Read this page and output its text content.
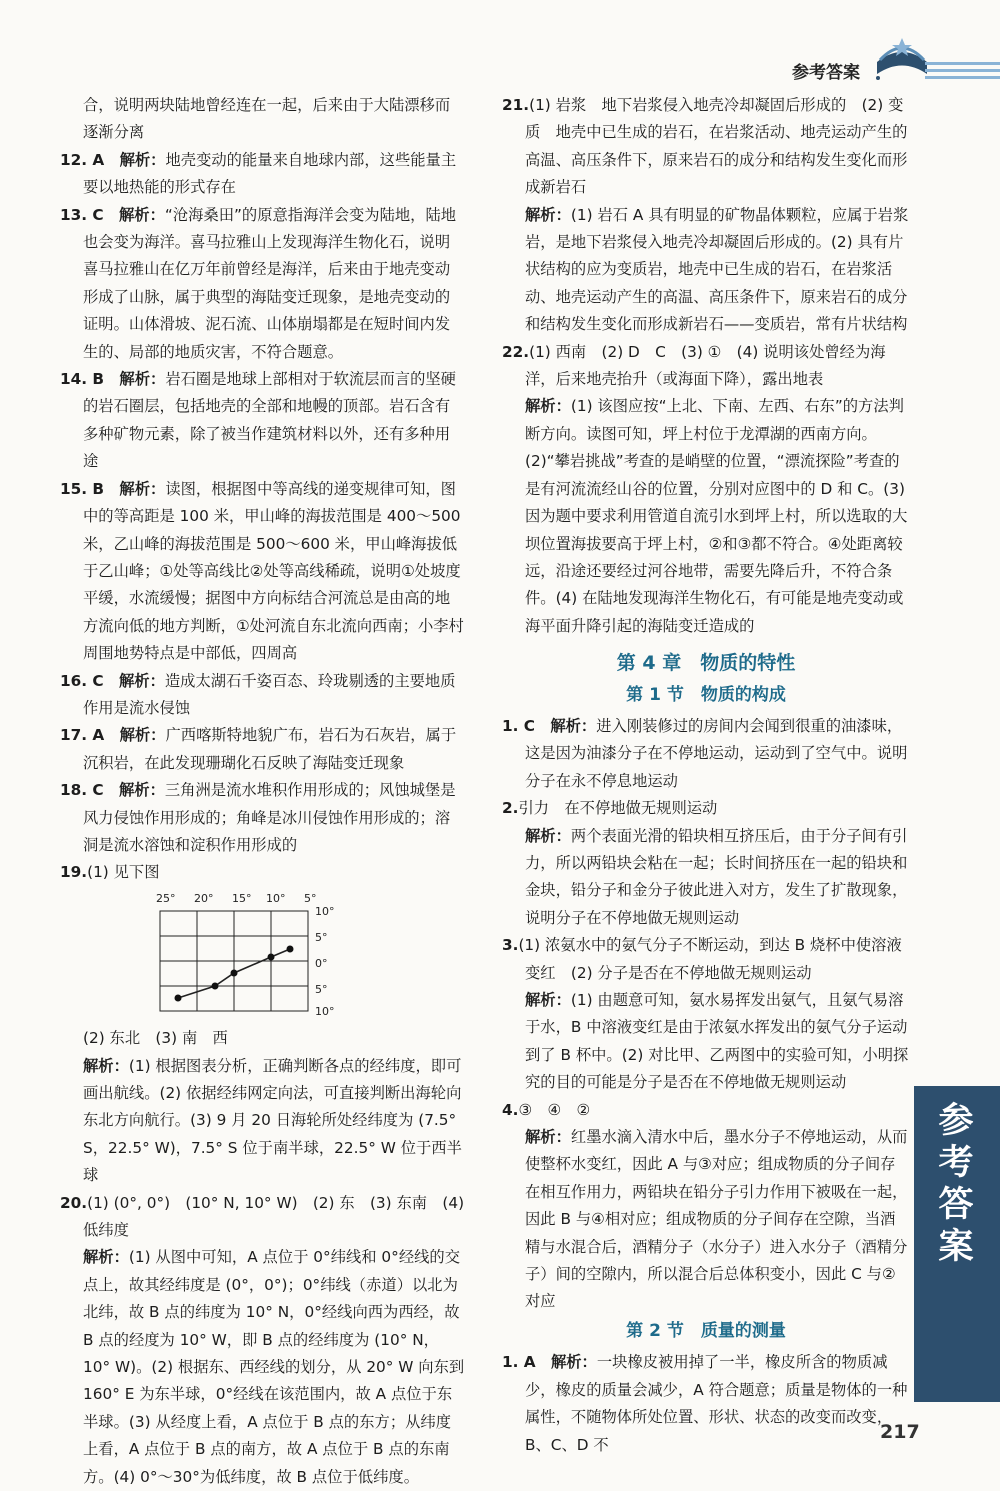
参考答案
合，说明两块陆地曾经连在一起，后来由于大陆漂移而逐渐分离
12. A　 解析：地壳变动的能量来自地球内部，这些能量主要以地热能的形式存在
13. C　 解析：“沧海桑田”的原意指海洋会变为陆地，陆地也会变为海洋。喜马拉雅山上发现海洋生物化石，说明喜马拉雅山在亿万年前曾经是海洋，后来由于地壳变动形成了山脉，属于典型的海陆变迁现象，是地壳变动的证明。山体滑坡、泥石流、山体崩塌都是在短时间内发生的、局部的地质灾害，不符合题意。
14. B　 解析：岩石圈是地球上部相对于软流层而言的坚硬的岩石圈层，包括地壳的全部和地幔的顶部。岩石含有多种矿物元素，除了被当作建筑材料以外，还有多种用途
15. B　 解析：读图，根据图中等高线的递变规律可知，图中的等高距是 100 米，甲山峰的海拔范围是 400～500 米，乙山峰的海拔范围是 500～600 米，甲山峰海拔低于乙山峰；①处等高线比②处等高线稀疏，说明①处坡度平缓，水流缓慢；据图中方向标结合河流总是由高的地方流向低的地方判断，①处河流自东北流向西南；小李村周围地势特点是中部低，四周高
16. C　 解析：造成太湖石千姿百态、玲珑剔透的主要地质作用是流水侵蚀
17. A　 解析：广西喀斯特地貌广布，岩石为石灰岩，属于沉积岩，在此发现珊瑚化石反映了海陆变迁现象
18. C　 解析：三角洲是流水堆积作用形成的；风蚀城堡是风力侵蚀作用形成的；角峰是冰川侵蚀作用形成的；溶洞是流水溶蚀和淀积作用形成的
19.(1) 见下图
25° 20° 15° 10° 5°
10°
5°
0°
5°
10°
(2) 东北　(3) 南　西
解析：(1) 根据图表分析，正确判断各点的经纬度，即可画出航线。(2) 依据经纬网定向法，可直接判断出海轮向东北方向航行。(3) 9 月 20 日海轮所处经纬度为 (7.5° S，22.5° W)，7.5° S 位于南半球，22.5° W 位于西半球
20.(1) (0°, 0°)　(10° N, 10° W)　(2) 东　(3) 东南　(4) 低纬度
解析：(1) 从图中可知，A 点位于 0°纬线和 0°经线的交点上，故其经纬度是 (0°，0°)；0°纬线（赤道）以北为北纬，故 B 点的纬度为 10° N，0°经线向西为西经，故 B 点的经度为 10° W，即 B 点的经纬度为 (10° N，10° W)。(2) 根据东、西经线的划分，从 20° W 向东到 160° E 为东半球，0°经线在该范围内，故 A 点位于东半球。(3) 从经度上看，A 点位于 B 点的东方；从纬度上看，A 点位于 B 点的南方，故 A 点位于 B 点的东南方。(4) 0°～30°为低纬度，故 B 点位于低纬度。
21.(1) 岩浆　地下岩浆侵入地壳冷却凝固后形成的　(2) 变质　地壳中已生成的岩石，在岩浆活动、地壳运动产生的高温、高压条件下，原来岩石的成分和结构发生变化而形成新岩石
解析：(1) 岩石 A 具有明显的矿物晶体颗粒，应属于岩浆岩，是地下岩浆侵入地壳冷却凝固后形成的。(2) 具有片状结构的应为变质岩，地壳中已生成的岩石，在岩浆活动、地壳运动产生的高温、高压条件下，原来岩石的成分和结构发生变化而形成新岩石——变质岩，常有片状结构
22.(1) 西南　(2) D　C　(3) ①　(4) 说明该处曾经为海洋，后来地壳抬升（或海面下降），露出地表
解析：(1) 该图应按“上北、下南、左西、右东”的方法判断方向。读图可知，坪上村位于龙潭湖的西南方向。(2)“攀岩挑战”考查的是峭壁的位置，“漂流探险”考查的是有河流流经山谷的位置，分别对应图中的 D 和 C。(3) 因为题中要求利用管道自流引水到坪上村，所以选取的大坝位置海拔要高于坪上村，②和③都不符合。④处距离较远，沿途还要经过河谷地带，需要先降后升，不符合条件。(4) 在陆地发现海洋生物化石，有可能是地壳变动或海平面升降引起的海陆变迁造成的
第 4 章　物质的特性
第 1 节　物质的构成
1. C　 解析：进入刚装修过的房间内会闻到很重的油漆味，这是因为油漆分子在不停地运动，运动到了空气中。说明分子在永不停息地运动
2.引力　在不停地做无规则运动
解析：两个表面光滑的铅块相互挤压后，由于分子间有引力，所以两铅块会粘在一起；长时间挤压在一起的铅块和金块，铅分子和金分子彼此进入对方，发生了扩散现象，说明分子在不停地做无规则运动
3.(1) 浓氨水中的氨气分子不断运动，到达 B 烧杯中使溶液变红　(2) 分子是否在不停地做无规则运动
解析：(1) 由题意可知，氨水易挥发出氨气，且氨气易溶于水，B 中溶液变红是由于浓氨水挥发出的氨气分子运动到了 B 杯中。(2) 对比甲、乙两图中的实验可知，小明探究的目的可能是分子是否在不停地做无规则运动
4.③　④　②
解析：红墨水滴入清水中后，墨水分子不停地运动，从而使整杯水变红，因此 A 与③对应；组成物质的分子间存在相互作用力，两铅块在铅分子引力作用下被吸在一起，因此 B 与④相对应；组成物质的分子间存在空隙，当酒精与水混合后，酒精分子（水分子）进入水分子（酒精分子）间的空隙内，所以混合后总体积变小，因此 C 与②对应
第 2 节　质量的测量
1. A　 解析：一块橡皮被用掉了一半，橡皮所含的物质减少，橡皮的质量会减少，A 符合题意；质量是物体的一种属性，不随物体所处位置、形状、状态的改变而改变，B、C、D 不
参考答案
217
